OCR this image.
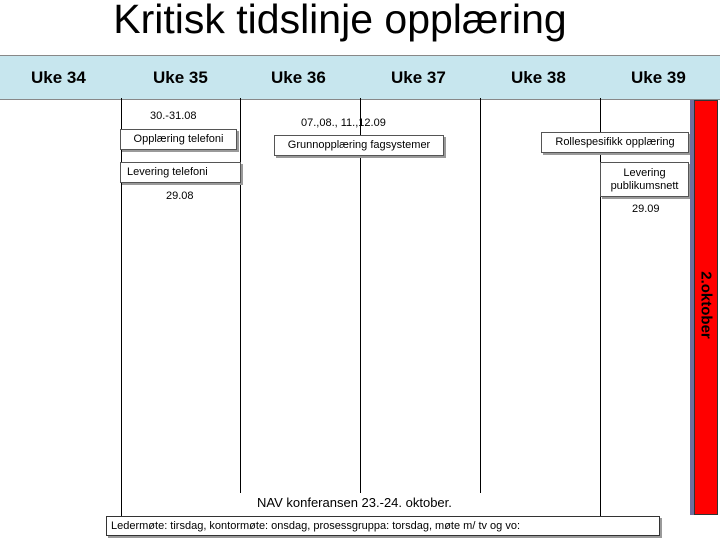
Kritisk tidslinje opplæring
Uke 34	Uke 35	Uke 36	Uke 37	Uke 38	Uke 39
30.-31.08
07.,08., 11.,12.09
29.08
29.09
Opplæring telefoni	Grunnopplæring fagsystemer	Rollespesifikk opplæring
Levering telefoni	Levering publikumsnett
2.oktober
NAV konferansen 23.-24. oktober.
Ledermøte: tirsdag, kontormøte: onsdag, prosessgruppa: torsdag, møte m/ tv og vo:
